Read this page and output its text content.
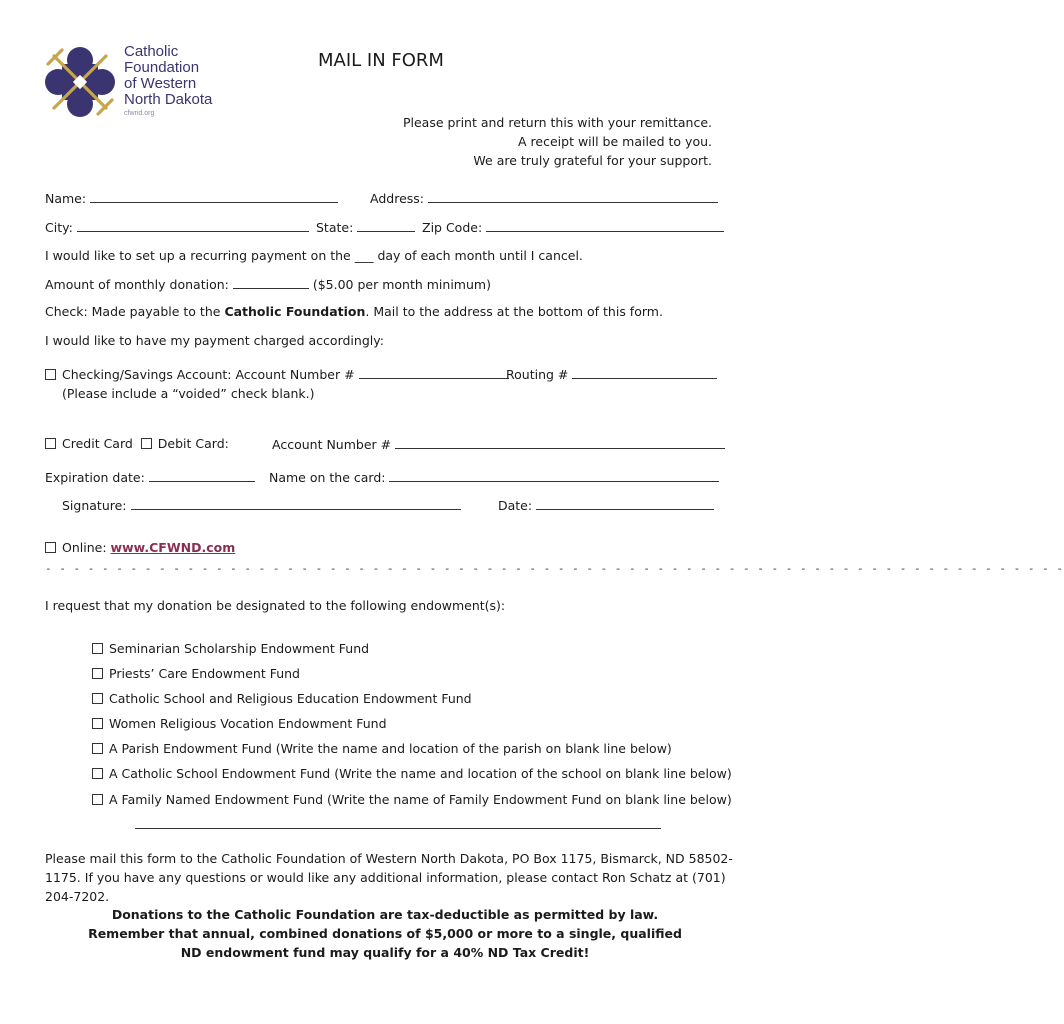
Catholic
Foundation
of Western
North Dakota
cfwnd.org
MAIL IN FORM
Please print and return this with your remittance.
A receipt will be mailed to you.
We are truly grateful for your support.
Name:	Address:
City:	State:	Zip Code:
I would like to set up a recurring payment on the ___ day of each month until I cancel.
Amount of monthly donation:	($5.00 per month minimum)
Check: Made payable to the Catholic Foundation. Mail to the address at the bottom of this form.
I would like to have my payment charged accordingly:
Checking/Savings Account: Account Number #	Routing #
(Please include a “voided” check blank.)
Credit Card Debit Card:	Account Number #
Expiration date:	Name on the card:
Signature:	Date:
Online: www.CFWND.com
- - - - - - - - - - - - - - - - - - - - - - - - - - - - - - - - - - - - - - - - - - - - - - - - - - - - - - - - - - - - - - - - - - - - - - - -
I request that my donation be designated to the following endowment(s):
Seminarian Scholarship Endowment Fund
Priests’ Care Endowment Fund
Catholic School and Religious Education Endowment Fund
Women Religious Vocation Endowment Fund
A Parish Endowment Fund (Write the name and location of the parish on blank line below)
A Catholic School Endowment Fund (Write the name and location of the school on blank line below)
A Family Named Endowment Fund (Write the name of Family Endowment Fund on blank line below)
Please mail this form to the Catholic Foundation of Western North Dakota, PO Box 1175, Bismarck, ND 58502-
1175. If you have any questions or would like any additional information, please contact Ron Schatz at (701)
204-7202.
Donations to the Catholic Foundation are tax-deductible as permitted by law.
Remember that annual, combined donations of $5,000 or more to a single, qualified
ND endowment fund may qualify for a 40% ND Tax Credit!
